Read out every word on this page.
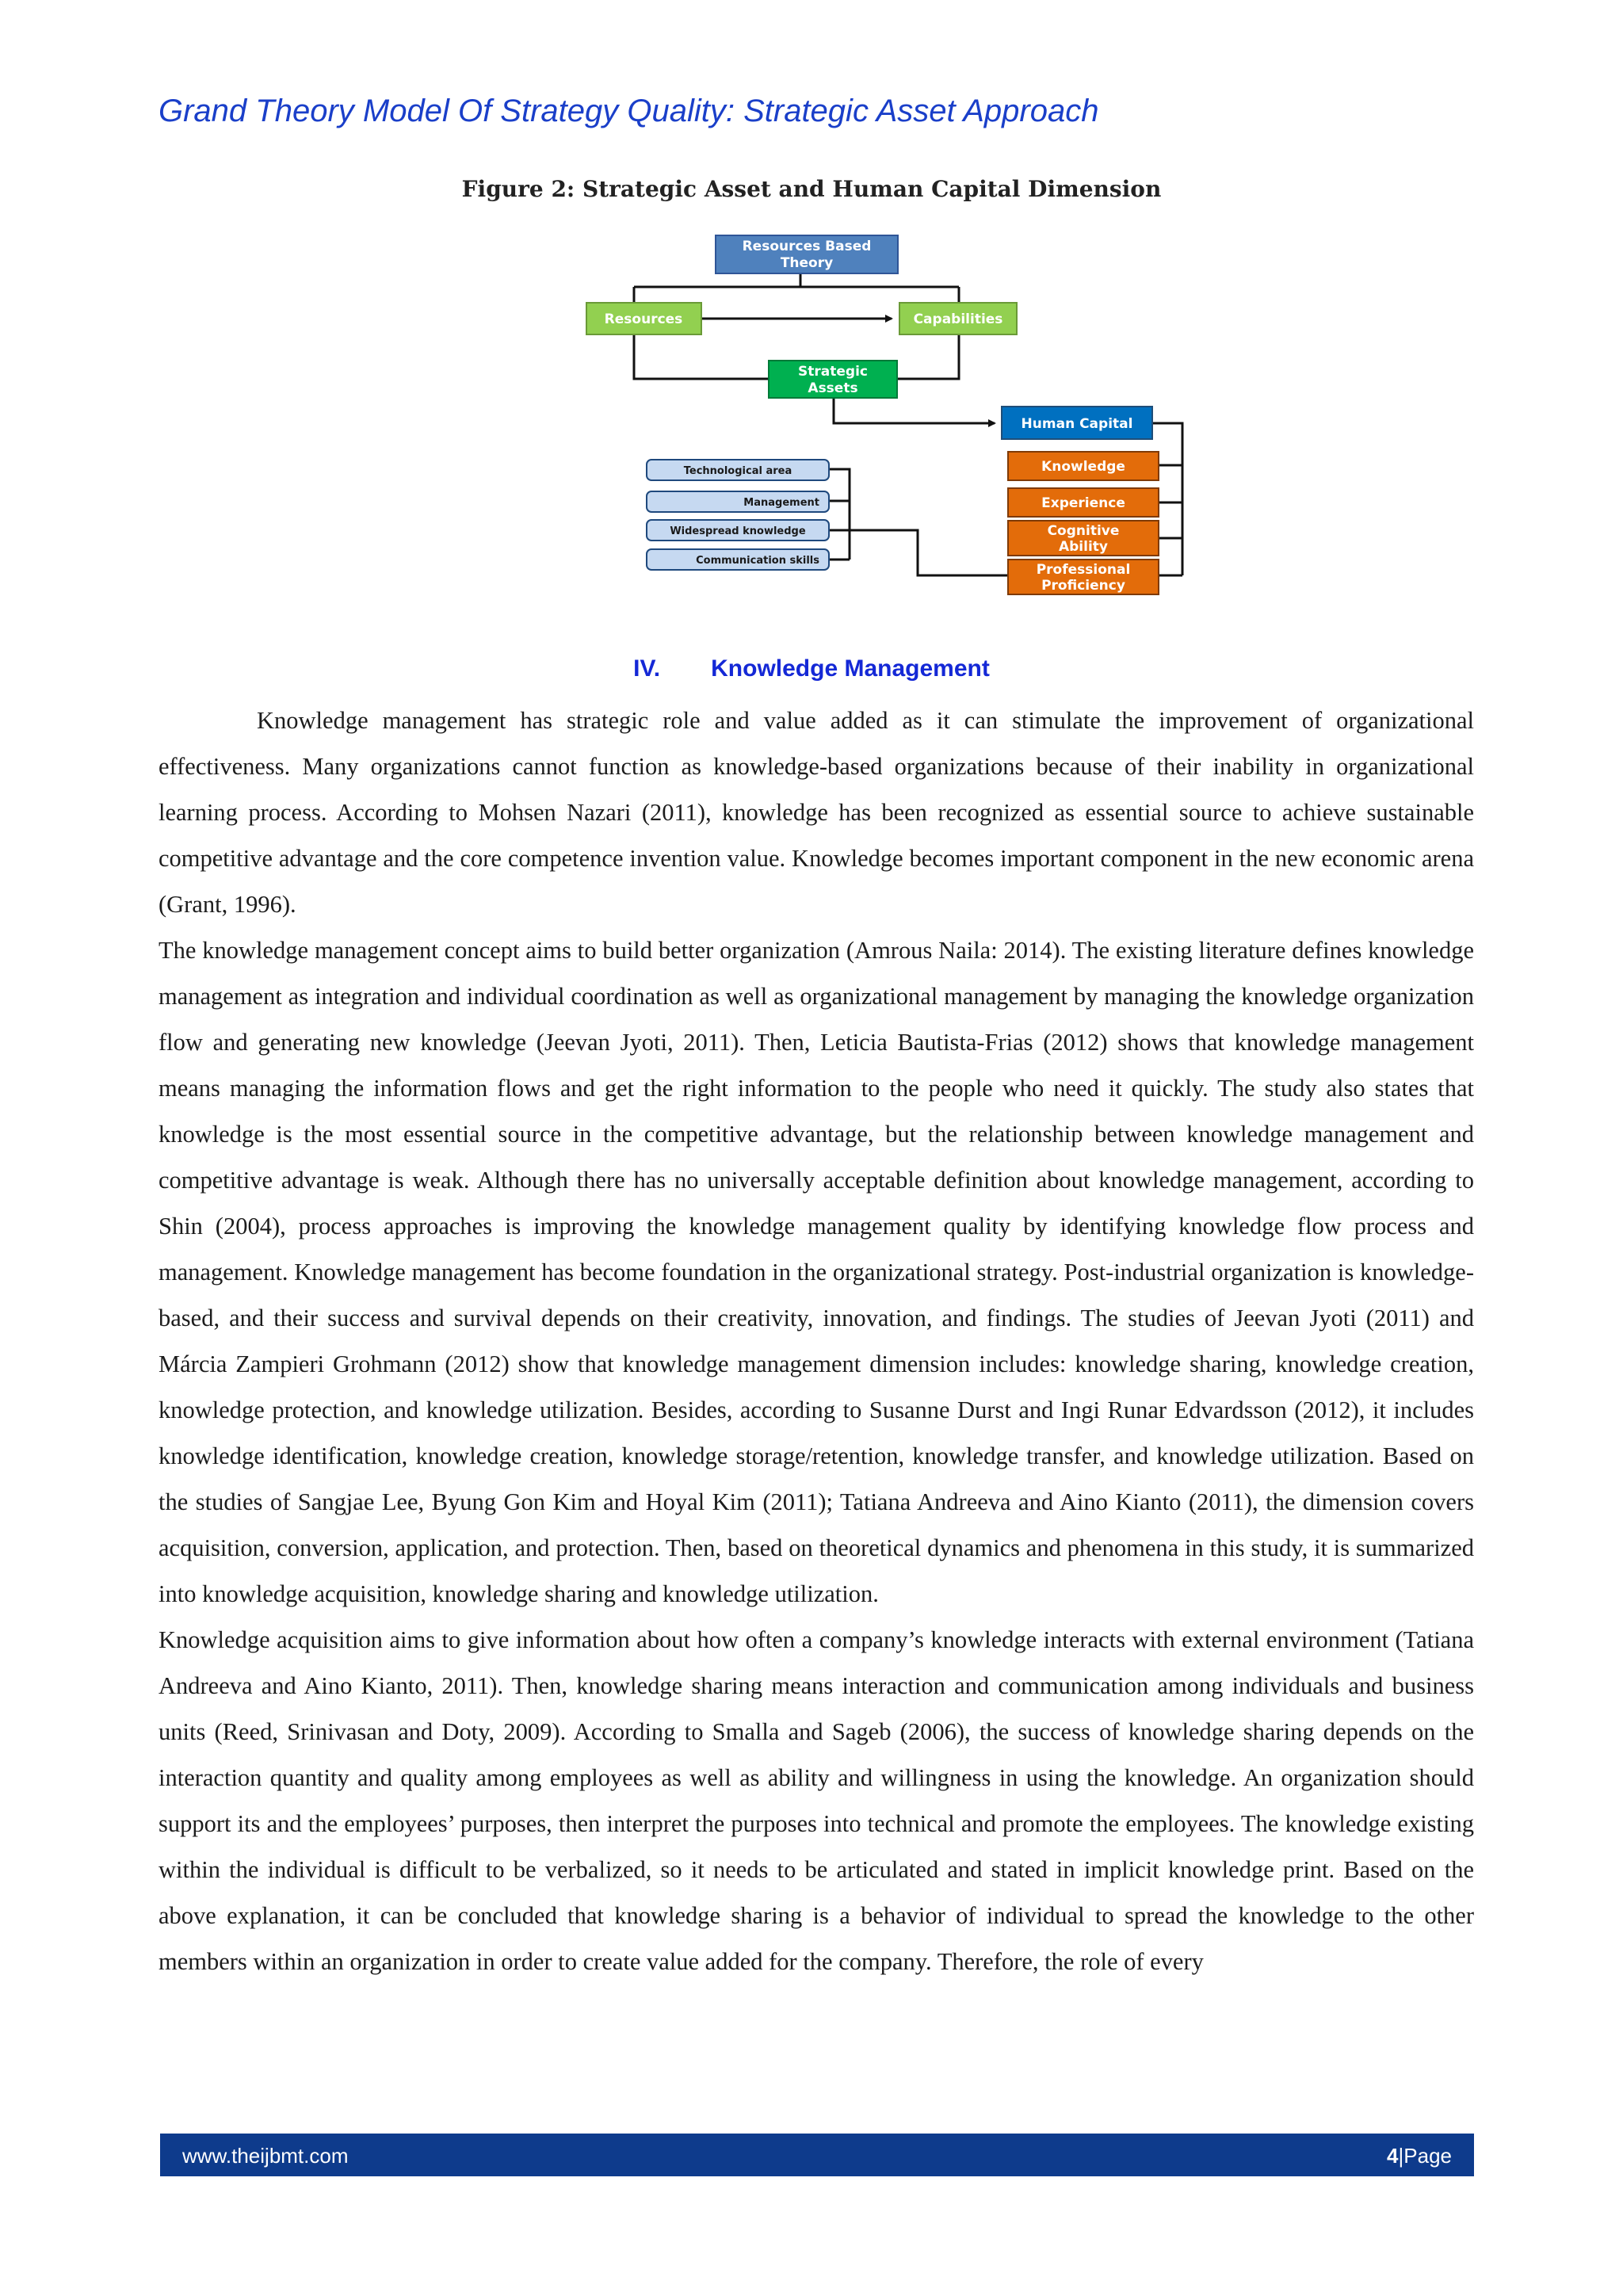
Grand Theory Model Of Strategy Quality: Strategic Asset Approach
Figure 2: Strategic Asset and Human Capital Dimension
Resources Based
Theory
Resources	Capabilities
Strategic
Assets
Human Capital
Knowledge
Experience
Cognitive
Ability
Professional
Proficiency
Technological area
Management
Widespread knowledge
Communication skills
IV. Knowledge Management

Knowledge management has strategic role and value added as it can stimulate the improvement of organizational effectiveness. Many organizations cannot function as knowledge-based organizations because of their inability in organizational learning process. According to Mohsen Nazari (2011), knowledge has been recognized as essential source to achieve sustainable competitive advantage and the core competence invention value. Knowledge becomes important component in the new economic arena (Grant, 1996).

The knowledge management concept aims to build better organization (Amrous Naila: 2014). The existing literature defines knowledge management as integration and individual coordination as well as organizational management by managing the knowledge organization flow and generating new knowledge (Jeevan Jyoti, 2011). Then, Leticia Bautista-Frias (2012) shows that knowledge management means managing the information flows and get the right information to the people who need it quickly. The study also states that knowledge is the most essential source in the competitive advantage, but the relationship between knowledge management and competitive advantage is weak. Although there has no universally acceptable definition about knowledge management, according to Shin (2004), process approaches is improving the knowledge management quality by identifying knowledge flow process and management. Knowledge management has become foundation in the organizational strategy. Post-industrial organization is knowledge-based, and their success and survival depends on their creativity, innovation, and findings. The studies of Jeevan Jyoti (2011) and Márcia Zampieri Grohmann (2012) show that knowledge management dimension includes: knowledge sharing, knowledge creation, knowledge protection, and knowledge utilization. Besides, according to Susanne Durst and Ingi Runar Edvardsson (2012), it includes knowledge identification, knowledge creation, knowledge storage/retention, knowledge transfer, and knowledge utilization. Based on the studies of Sangjae Lee, Byung Gon Kim and Hoyal Kim (2011); Tatiana Andreeva and Aino Kianto (2011), the dimension covers acquisition, conversion, application, and protection. Then, based on theoretical dynamics and phenomena in this study, it is summarized into knowledge acquisition, knowledge sharing and knowledge utilization.

Knowledge acquisition aims to give information about how often a company’s knowledge interacts with external environment (Tatiana Andreeva and Aino Kianto, 2011). Then, knowledge sharing means interaction and communication among individuals and business units (Reed, Srinivasan and Doty, 2009). According to Smalla and Sageb (2006), the success of knowledge sharing depends on the interaction quantity and quality among employees as well as ability and willingness in using the knowledge. An organization should support its and the employees’ purposes, then interpret the purposes into technical and promote the employees. The knowledge existing within the individual is difficult to be verbalized, so it needs to be articulated and stated in implicit knowledge print. Based on the above explanation, it can be concluded that knowledge sharing is a behavior of individual to spread the knowledge to the other members within an organization in order to create value added for the company. Therefore, the role of every

www.theijbmt.com	4|Page
